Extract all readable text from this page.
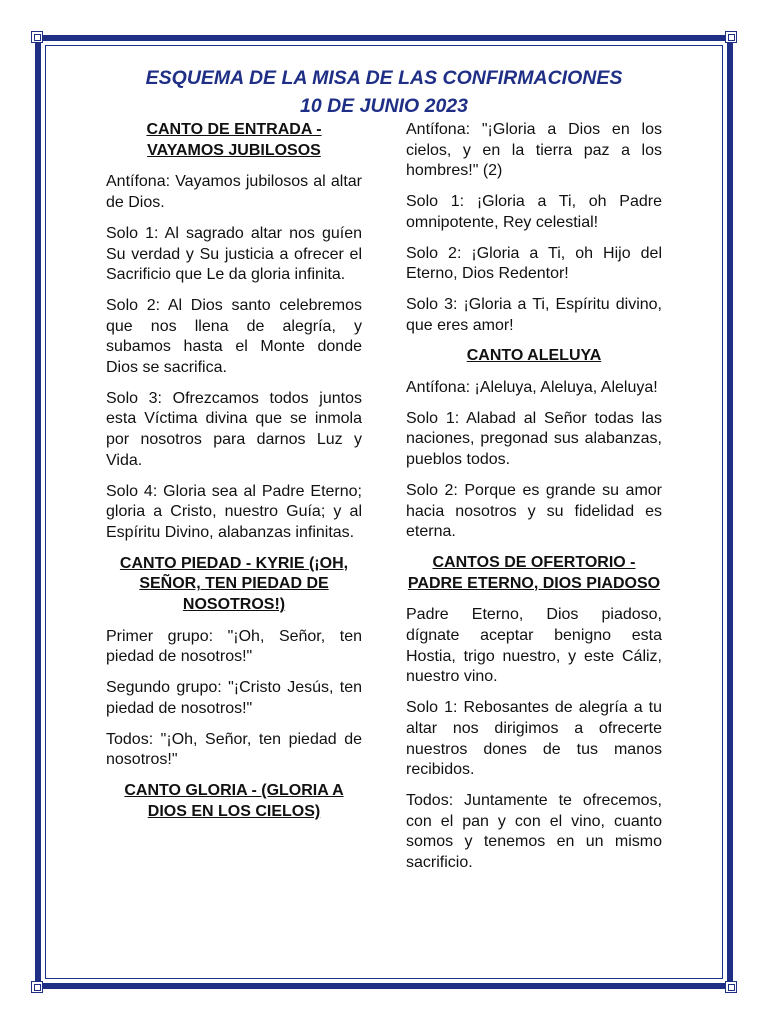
ESQUEMA DE LA MISA DE LAS CONFIRMACIONES
10 DE JUNIO 2023
CANTO DE ENTRADA - VAYAMOS JUBILOSOS

Antífona: Vayamos jubilosos al altar de Dios.

Solo 1: Al sagrado altar nos guíen Su verdad y Su justicia a ofrecer el Sacrificio que Le da gloria infinita.

Solo 2: Al Dios santo celebremos que nos llena de alegría, y subamos hasta el Monte donde Dios se sacrifica.

Solo 3: Ofrezcamos todos juntos esta Víctima divina que se inmola por nosotros para darnos Luz y Vida.

Solo 4: Gloria sea al Padre Eterno; gloria a Cristo, nuestro Guía; y al Espíritu Divino, alabanzas infinitas.

CANTO PIEDAD - KYRIE (¡OH, SEÑOR, TEN PIEDAD DE NOSOTROS!)

Primer grupo: "¡Oh, Señor, ten piedad de nosotros!"

Segundo grupo: "¡Cristo Jesús, ten piedad de nosotros!"

Todos: "¡Oh, Señor, ten piedad de nosotros!"

CANTO GLORIA - (GLORIA A DIOS EN LOS CIELOS)

Antífona: "¡Gloria a Dios en los cielos, y en la tierra paz a los hombres!" (2)

Solo 1: ¡Gloria a Ti, oh Padre omnipotente, Rey celestial!

Solo 2: ¡Gloria a Ti, oh Hijo del Eterno, Dios Redentor!

Solo 3: ¡Gloria a Ti, Espíritu divino, que eres amor!

CANTO ALELUYA

Antífona: ¡Aleluya, Aleluya, Aleluya!

Solo 1: Alabad al Señor todas las naciones, pregonad sus alabanzas, pueblos todos.

Solo 2: Porque es grande su amor hacia nosotros y su fidelidad es eterna.

CANTOS DE OFERTORIO - PADRE ETERNO, DIOS PIADOSO

Padre Eterno, Dios piadoso, dígnate aceptar benigno esta Hostia, trigo nuestro, y este Cáliz, nuestro vino.

Solo 1: Rebosantes de alegría a tu altar nos dirigimos a ofrecerte nuestros dones de tus manos recibidos.

Todos: Juntamente te ofrecemos, con el pan y con el vino, cuanto somos y tenemos en un mismo sacrificio.
